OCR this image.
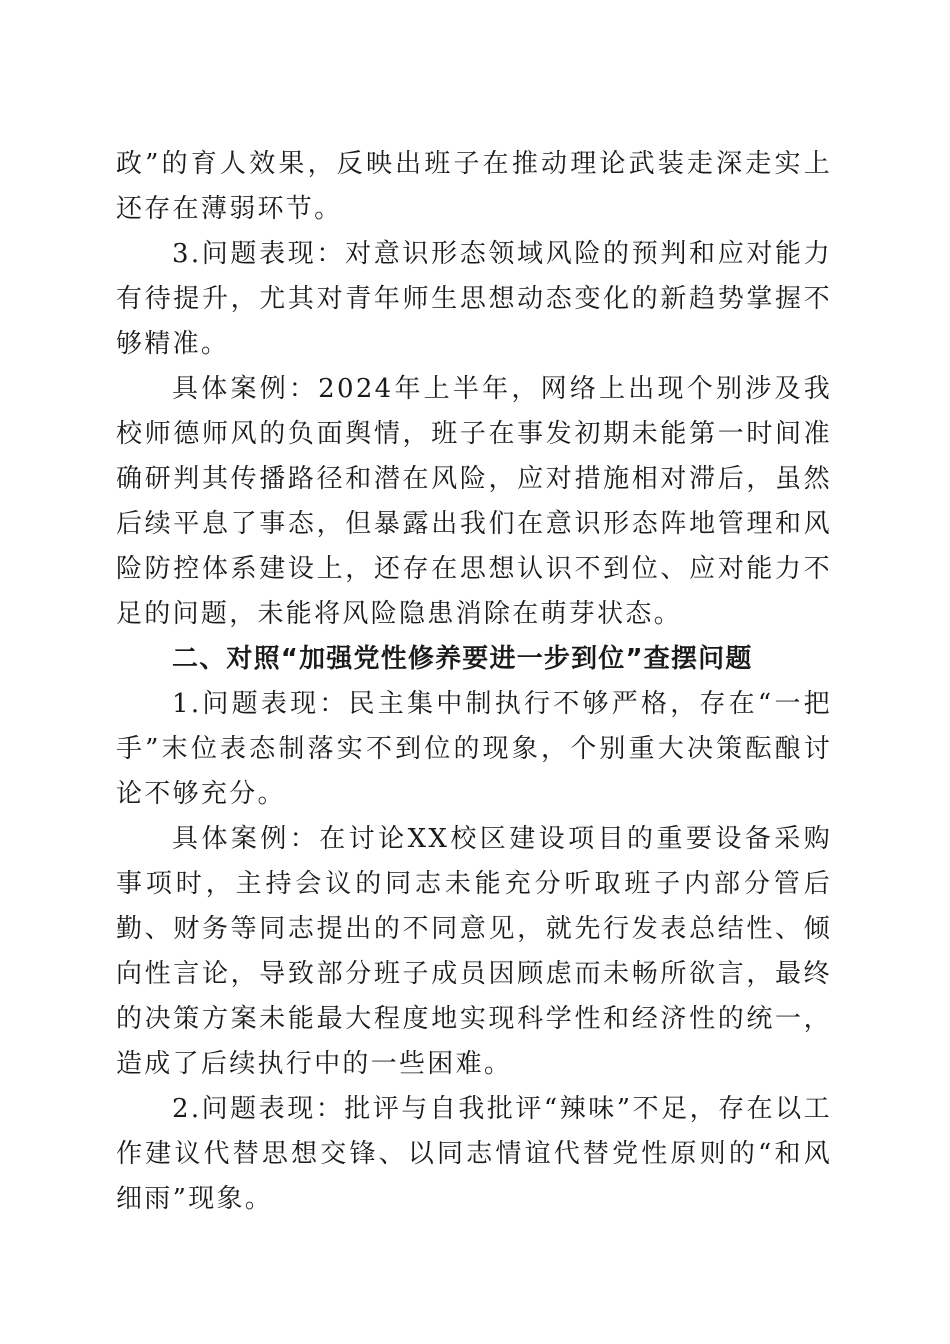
政”的育人效果，反映出班子在推动理论武装走深走实上还存在薄弱环节。

3.问题表现：对意识形态领域风险的预判和应对能力有待提升，尤其对青年师生思想动态变化的新趋势掌握不够精准。

具体案例：2024年上半年，网络上出现个别涉及我校师德师风的负面舆情，班子在事发初期未能第一时间准确研判其传播路径和潜在风险，应对措施相对滞后，虽然后续平息了事态，但暴露出我们在意识形态阵地管理和风险防控体系建设上，还存在思想认识不到位、应对能力不足的问题，未能将风险隐患消除在萌芽状态。

二、对照“加强党性修养要进一步到位”查摆问题

1.问题表现：民主集中制执行不够严格，存在“一把手”末位表态制落实不到位的现象，个别重大决策酝酿讨论不够充分。

具体案例：在讨论XX校区建设项目的重要设备采购事项时，主持会议的同志未能充分听取班子内部分管后勤、财务等同志提出的不同意见，就先行发表总结性、倾向性言论，导致部分班子成员因顾虑而未畅所欲言，最终的决策方案未能最大程度地实现科学性和经济性的统一，造成了后续执行中的一些困难。

2.问题表现：批评与自我批评“辣味”不足，存在以工作建议代替思想交锋、以同志情谊代替党性原则的“和风细雨”现象。
